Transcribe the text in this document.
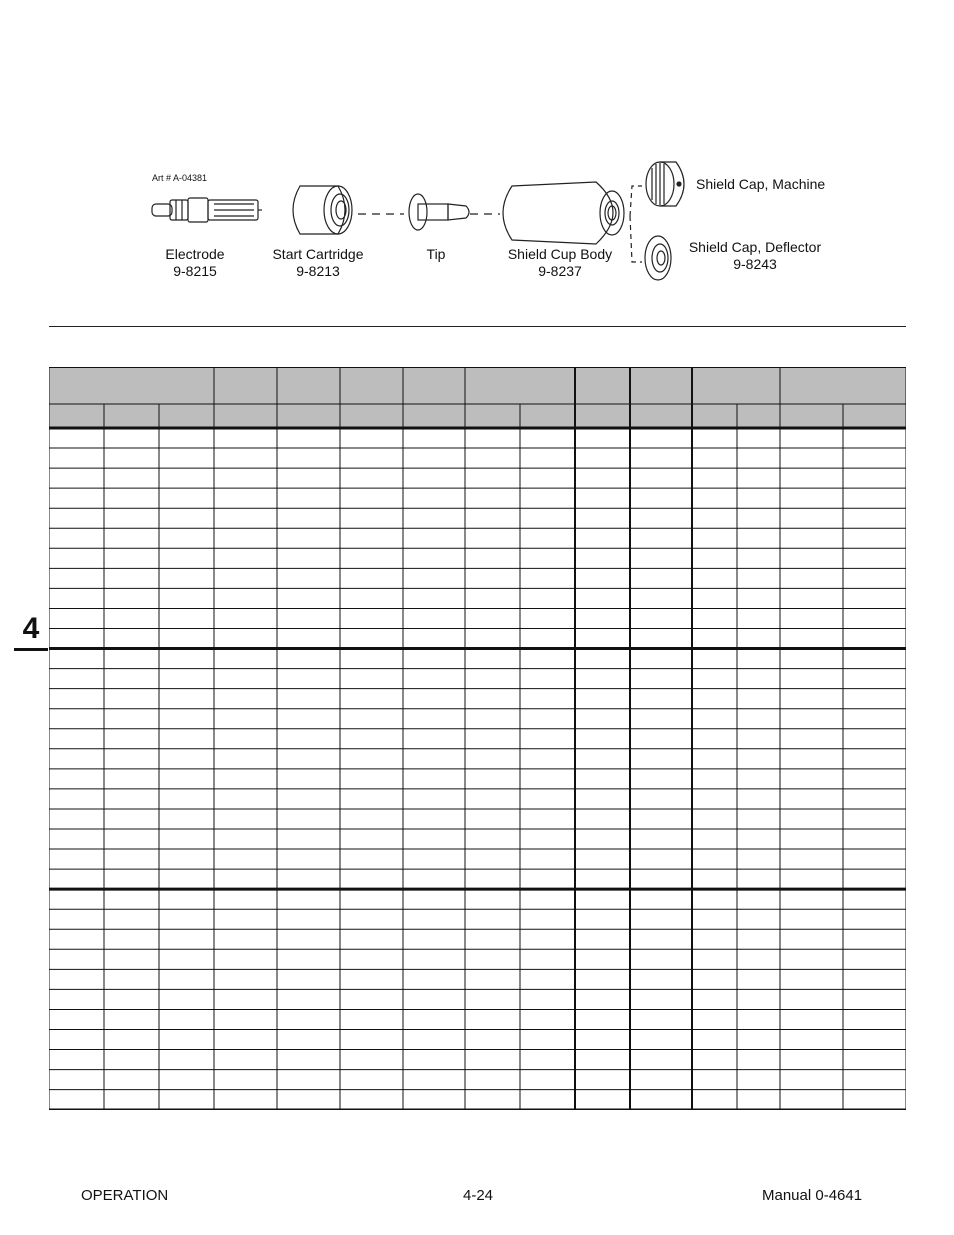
Art # A-04381
Electrode
9-8215
Start Cartridge
9-8213
Tip	Shield Cup Body
9-8237
Shield Cap, Machine
Shield Cap, Deflector
9-8243
4
OPERATION	4-24	Manual 0-4641
